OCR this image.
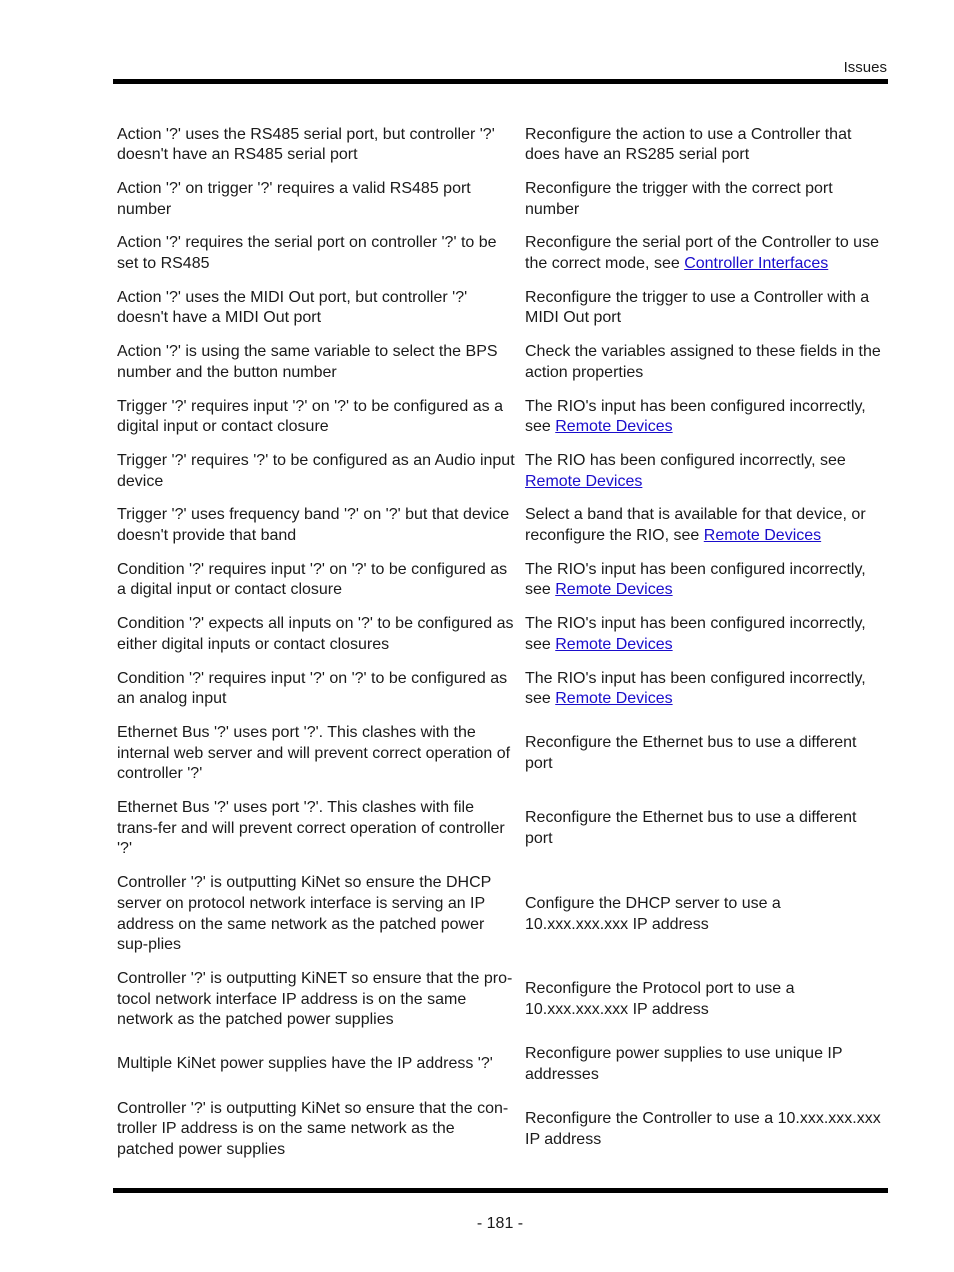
Issues
Action '?' uses the RS485 serial port, but controller '?' doesn't have an RS485 serial port	Reconfigure the action to use a Controller that does have an RS285 serial port
Action '?' on trigger '?' requires a valid RS485 port number	Reconfigure the trigger with the correct port number
Action '?' requires the serial port on controller '?' to be set to RS485	Reconfigure the serial port of the Controller to use the correct mode, see Controller Interfaces
Action '?' uses the MIDI Out port, but controller '?' doesn't have a MIDI Out port	Reconfigure the trigger to use a Controller with a MIDI Out port
Action '?' is using the same variable to select the BPS number and the button number	Check the variables assigned to these fields in the action properties
Trigger '?' requires input '?' on '?' to be configured as a digital input or contact closure	The RIO's input has been configured incorrectly, see Remote Devices
Trigger '?' requires '?' to be configured as an Audio input device	The RIO has been configured incorrectly, see Remote Devices
Trigger '?' uses frequency band '?' on '?' but that device doesn't provide that band	Select a band that is available for that device, or reconfigure the RIO, see Remote Devices
Condition '?' requires input '?' on '?' to be configured as a digital input or contact closure	The RIO's input has been configured incorrectly, see Remote Devices
Condition '?' expects all inputs on '?' to be configured as either digital inputs or contact closures	The RIO's input has been configured incorrectly, see Remote Devices
Condition '?' requires input '?' on '?' to be configured as an analog input	The RIO's input has been configured incorrectly, see Remote Devices
Ethernet Bus '?' uses port '?'. This clashes with the internal web server and will prevent correct operation of controller '?'	Reconfigure the Ethernet bus to use a different port
Ethernet Bus '?' uses port '?'. This clashes with file trans-fer and will prevent correct operation of controller '?'	Reconfigure the Ethernet bus to use a different port
Controller '?' is outputting KiNet so ensure the DHCP server on protocol network interface is serving an IP address on the same network as the patched power sup-plies	Configure the DHCP server to use a 10.xxx.xxx.xxx IP address
Controller '?' is outputting KiNET so ensure that the pro-tocol network interface IP address is on the same network as the patched power supplies	Reconfigure the Protocol port to use a 10.xxx.xxx.xxx IP address
Multiple KiNet power supplies have the IP address '?'	Reconfigure power supplies to use unique IP addresses
Controller '?' is outputting KiNet so ensure that the con-troller IP address is on the same network as the patched power supplies	Reconfigure the Controller to use a 10.xxx.xxx.xxx IP address
- 181 -
